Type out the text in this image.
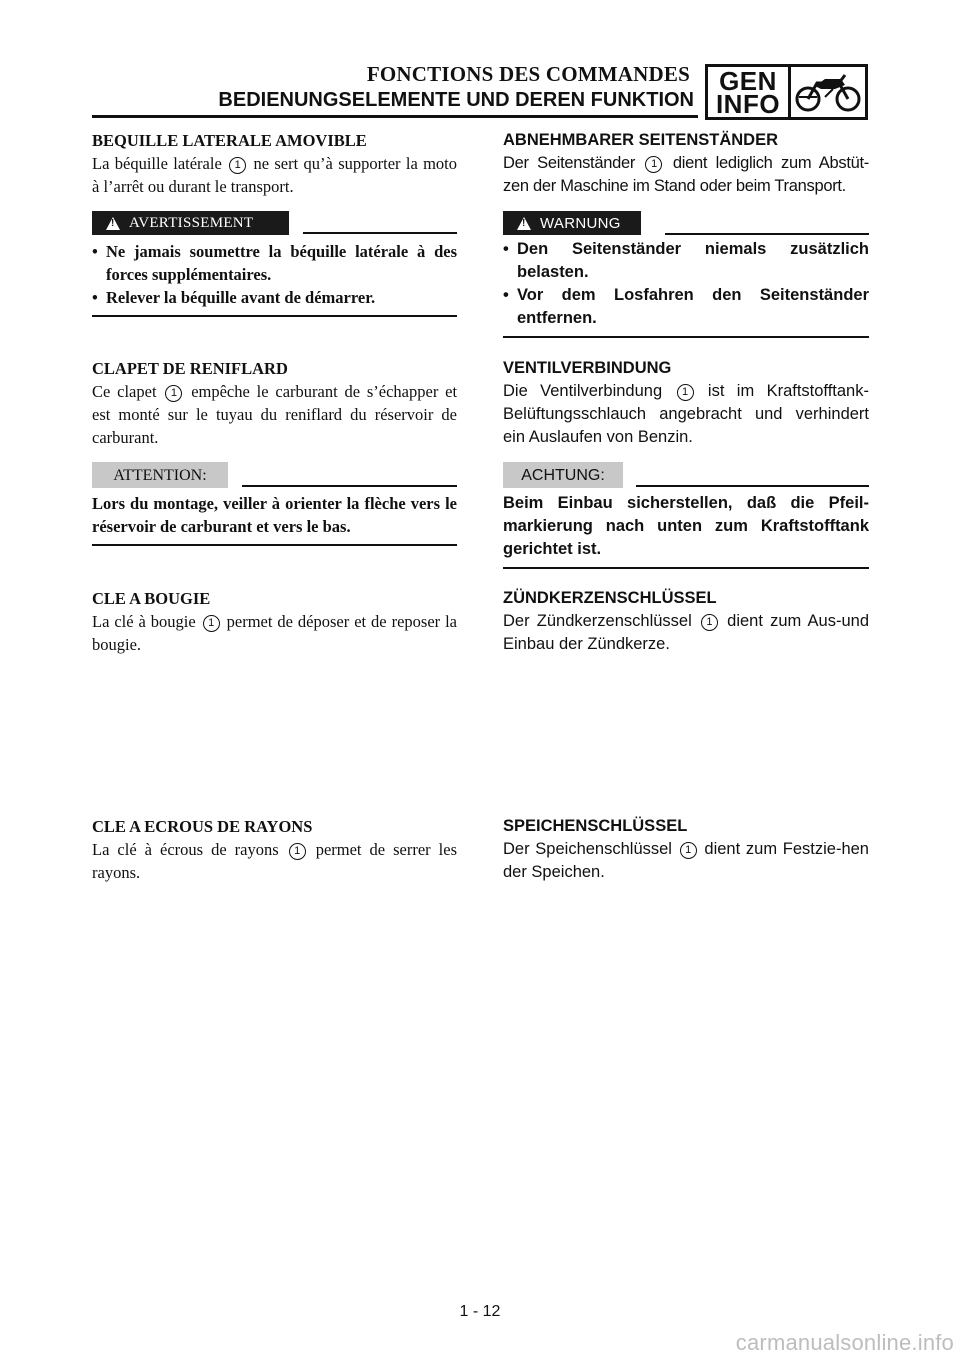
FONCTIONS DES COMMANDES
BEDIENUNGSELEMENTE UND DEREN FUNKTION
GEN
INFO
BEQUILLE LATERALE AMOVIBLE
La béquille latérale 1 ne sert qu’à supporter la moto à l’arrêt ou durant le transport.
! AVERTISSEMENT
• Ne jamais soumettre la béquille latérale à des forces supplémentaires.
• Relever la béquille avant de démarrer.
CLAPET DE RENIFLARD
Ce clapet 1 empêche le carburant de s’échapper et est monté sur le tuyau du reniflard du réservoir de carburant.
ATTENTION:
Lors du montage, veiller à orienter la flèche vers le réservoir de carburant et vers le bas.
CLE A BOUGIE
La clé à bougie 1 permet de déposer et de reposer la bougie.
CLE A ECROUS DE RAYONS
La clé à écrous de rayons 1 permet de serrer les rayons.
ABNEHMBARER SEITENSTÄNDER
Der Seitenständer 1 dient lediglich zum Abstüt-zen der Maschine im Stand oder beim Transport.
! WARNUNG
• Den Seitenständer niemals zusätzlich belasten.
• Vor dem Losfahren den Seitenständer entfernen.
VENTILVERBINDUNG
Die Ventilverbindung 1 ist im Kraftstofftank-Belüftungsschlauch angebracht und verhindert ein Auslaufen von Benzin.
ACHTUNG:
Beim Einbau sicherstellen, daß die Pfeil-markierung nach unten zum Kraftstofftank gerichtet ist.
ZÜNDKERZENSCHLÜSSEL
Der Zündkerzenschlüssel 1 dient zum Aus-und Einbau der Zündkerze.
SPEICHENSCHLÜSSEL
Der Speichenschlüssel 1 dient zum Festzie-hen der Speichen.
1 - 12
carmanualsonline.info
